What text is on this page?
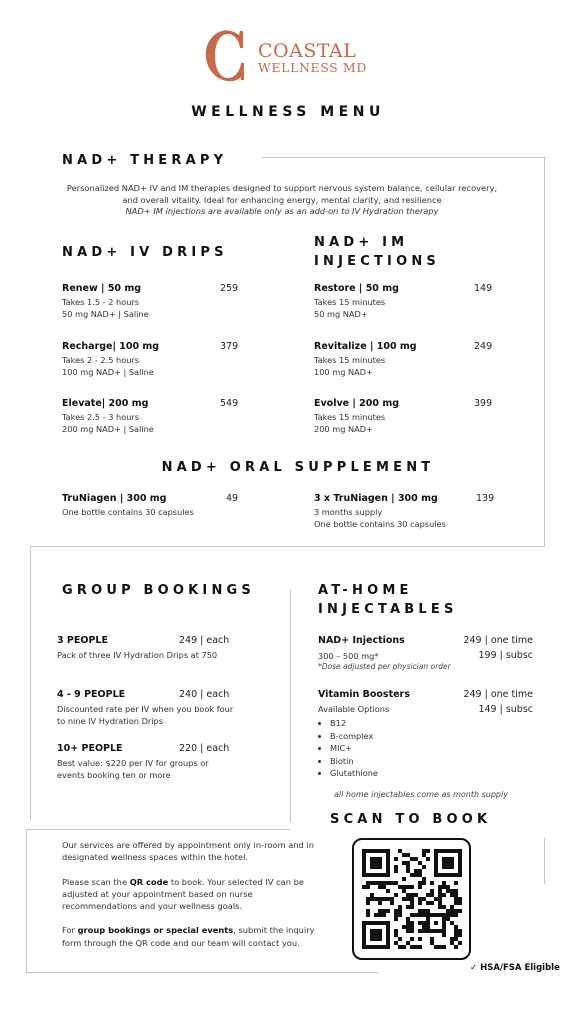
COASTAL
WELLNESS MD
WELLNESS MENU
NAD+ THERAPY
Personalized NAD+ IV and IM therapies designed to support nervous system balance, cellular recovery, and overall vitality. Ideal for enhancing energy, mental clarity, and resilience
NAD+ IM injections are available only as an add-on to IV Hydration therapy
NAD+ IV DRIPS
NAD+ IM INJECTIONS
Renew | 50 mg	259
Takes 1.5 - 2 hours
50 mg NAD+ | Saline
Recharge| 100 mg	379
Takes 2 - 2.5 hours
100 mg NAD+ | Saline
Elevate| 200 mg	549
Takes 2.5 - 3 hours
200 mg NAD+ | Saline
Restore | 50 mg	149
Takes 15 minutes
50 mg NAD+
Revitalize | 100 mg	249
Takes 15 minutes
100 mg NAD+
Evolve | 200 mg	399
Takes 15 minutes
200 mg NAD+
NAD+ ORAL SUPPLEMENT
TruNiagen | 300 mg	49
One bottle contains 30 capsules
3 x TruNiagen | 300 mg	139
3 months supply
One bottle contains 30 capsules
GROUP BOOKINGS
3 PEOPLE	249 | each
Pack of three IV Hydration Drips at 750
4 - 9 PEOPLE	240 | each
Discounted rate per IV when you book four
to nine IV Hydration Drips
10+ PEOPLE	220 | each
Best value: $220 per IV for groups or
events booking ten or more
AT-HOME INJECTABLES
NAD+ Injections	249 | one time
199 | subsc
300 – 500 mg*
*Dose adjusted per physician order
Vitamin Boosters	249 | one time
149 | subsc
Available Options
• B12
• B-complex
• MIC+
• Biotin
• Glutathione
all home injectables come as month supply
Our services are offered by appointment only in-room and in designated wellness spaces within the hotel.
Please scan the QR code to book. Your selected IV can be adjusted at your appointment based on nurse recommendations and your wellness goals.
For group bookings or special events, submit the inquiry form through the QR code and our team will contact you.
SCAN TO BOOK
✓ HSA/FSA Eligible
